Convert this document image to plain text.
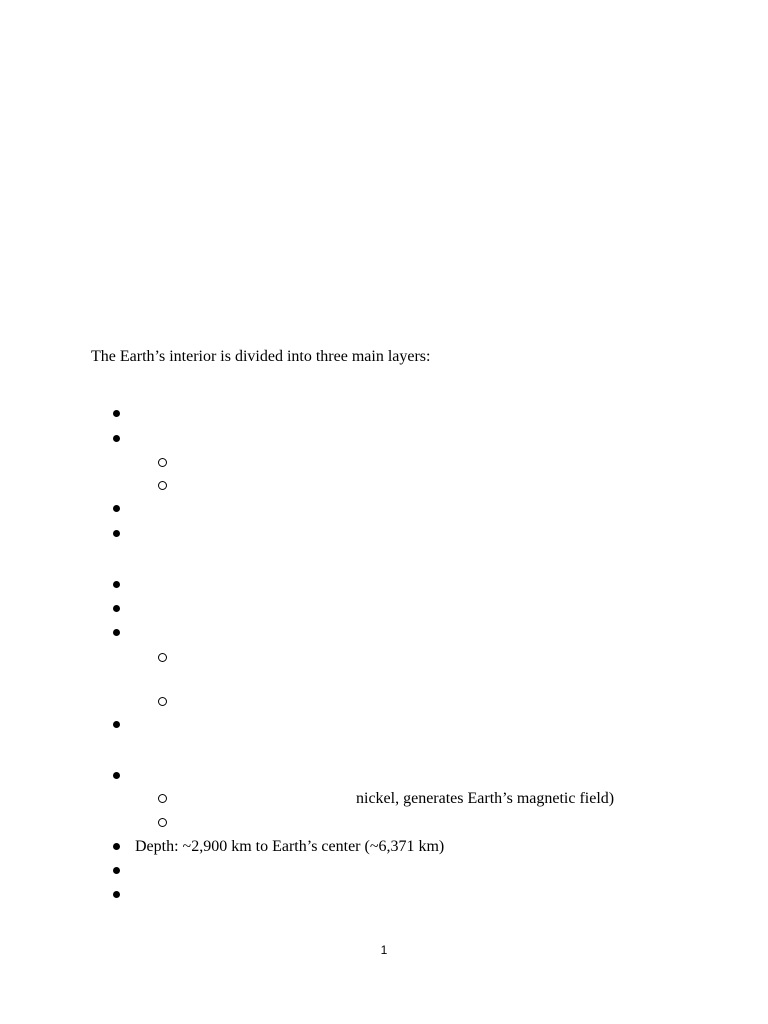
The Earth’s interior is divided into three main layers:
nickel, generates Earth’s magnetic field)
Depth: ~2,900 km to Earth’s center (~6,371 km)
1
